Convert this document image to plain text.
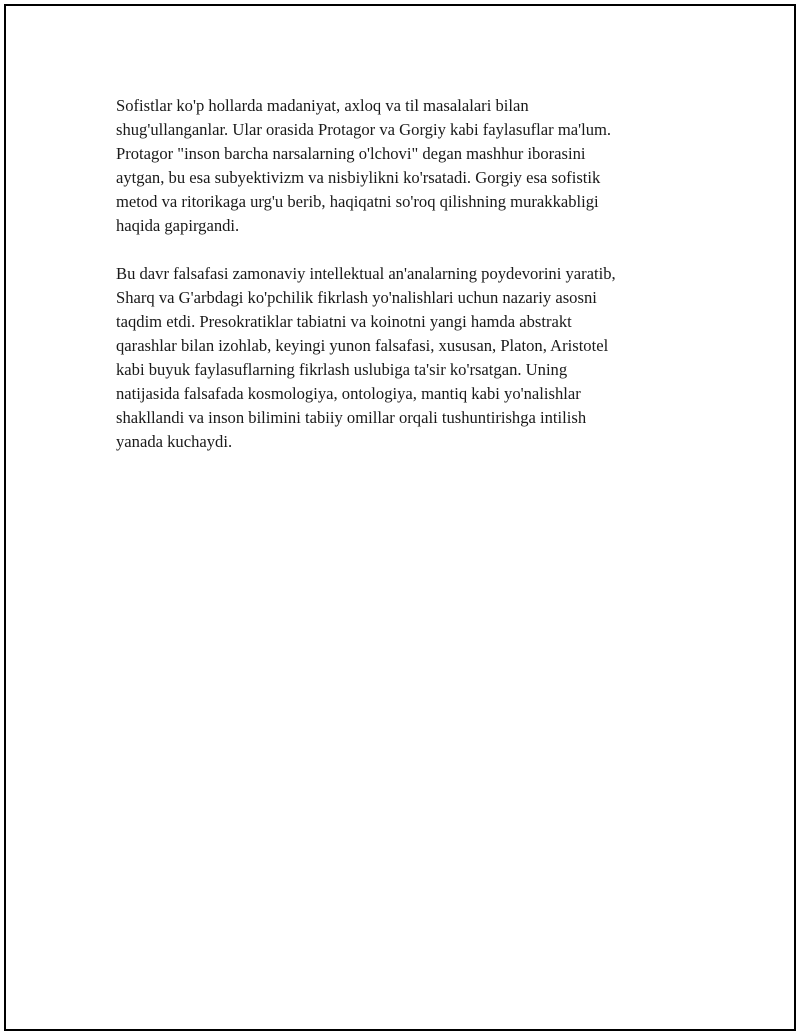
Sofistlar ko'p hollarda madaniyat, axloq va til masalalari bilan
shug'ullanganlar. Ular orasida Protagor va Gorgiy kabi faylasuflar ma'lum.
Protagor "inson barcha narsalarning o'lchovi" degan mashhur iborasini
aytgan, bu esa subyektivizm va nisbiylikni ko'rsatadi. Gorgiy esa sofistik
metod va ritorikaga urg'u berib, haqiqatni so'roq qilishning murakkabligi
haqida gapirgandi.

Bu davr falsafasi zamonaviy intellektual an'analarning poydevorini yaratib,
Sharq va G'arbdagi ko'pchilik fikrlash yo'nalishlari uchun nazariy asosni
taqdim etdi. Presokratiklar tabiatni va koinotni yangi hamda abstrakt
qarashlar bilan izohlab, keyingi yunon falsafasi, xususan, Platon, Aristotel
kabi buyuk faylasuflarning fikrlash uslubiga ta'sir ko'rsatgan. Uning
natijasida falsafada kosmologiya, ontologiya, mantiq kabi yo'nalishlar
shakllandi va inson bilimini tabiiy omillar orqali tushuntirishga intilish
yanada kuchaydi.
